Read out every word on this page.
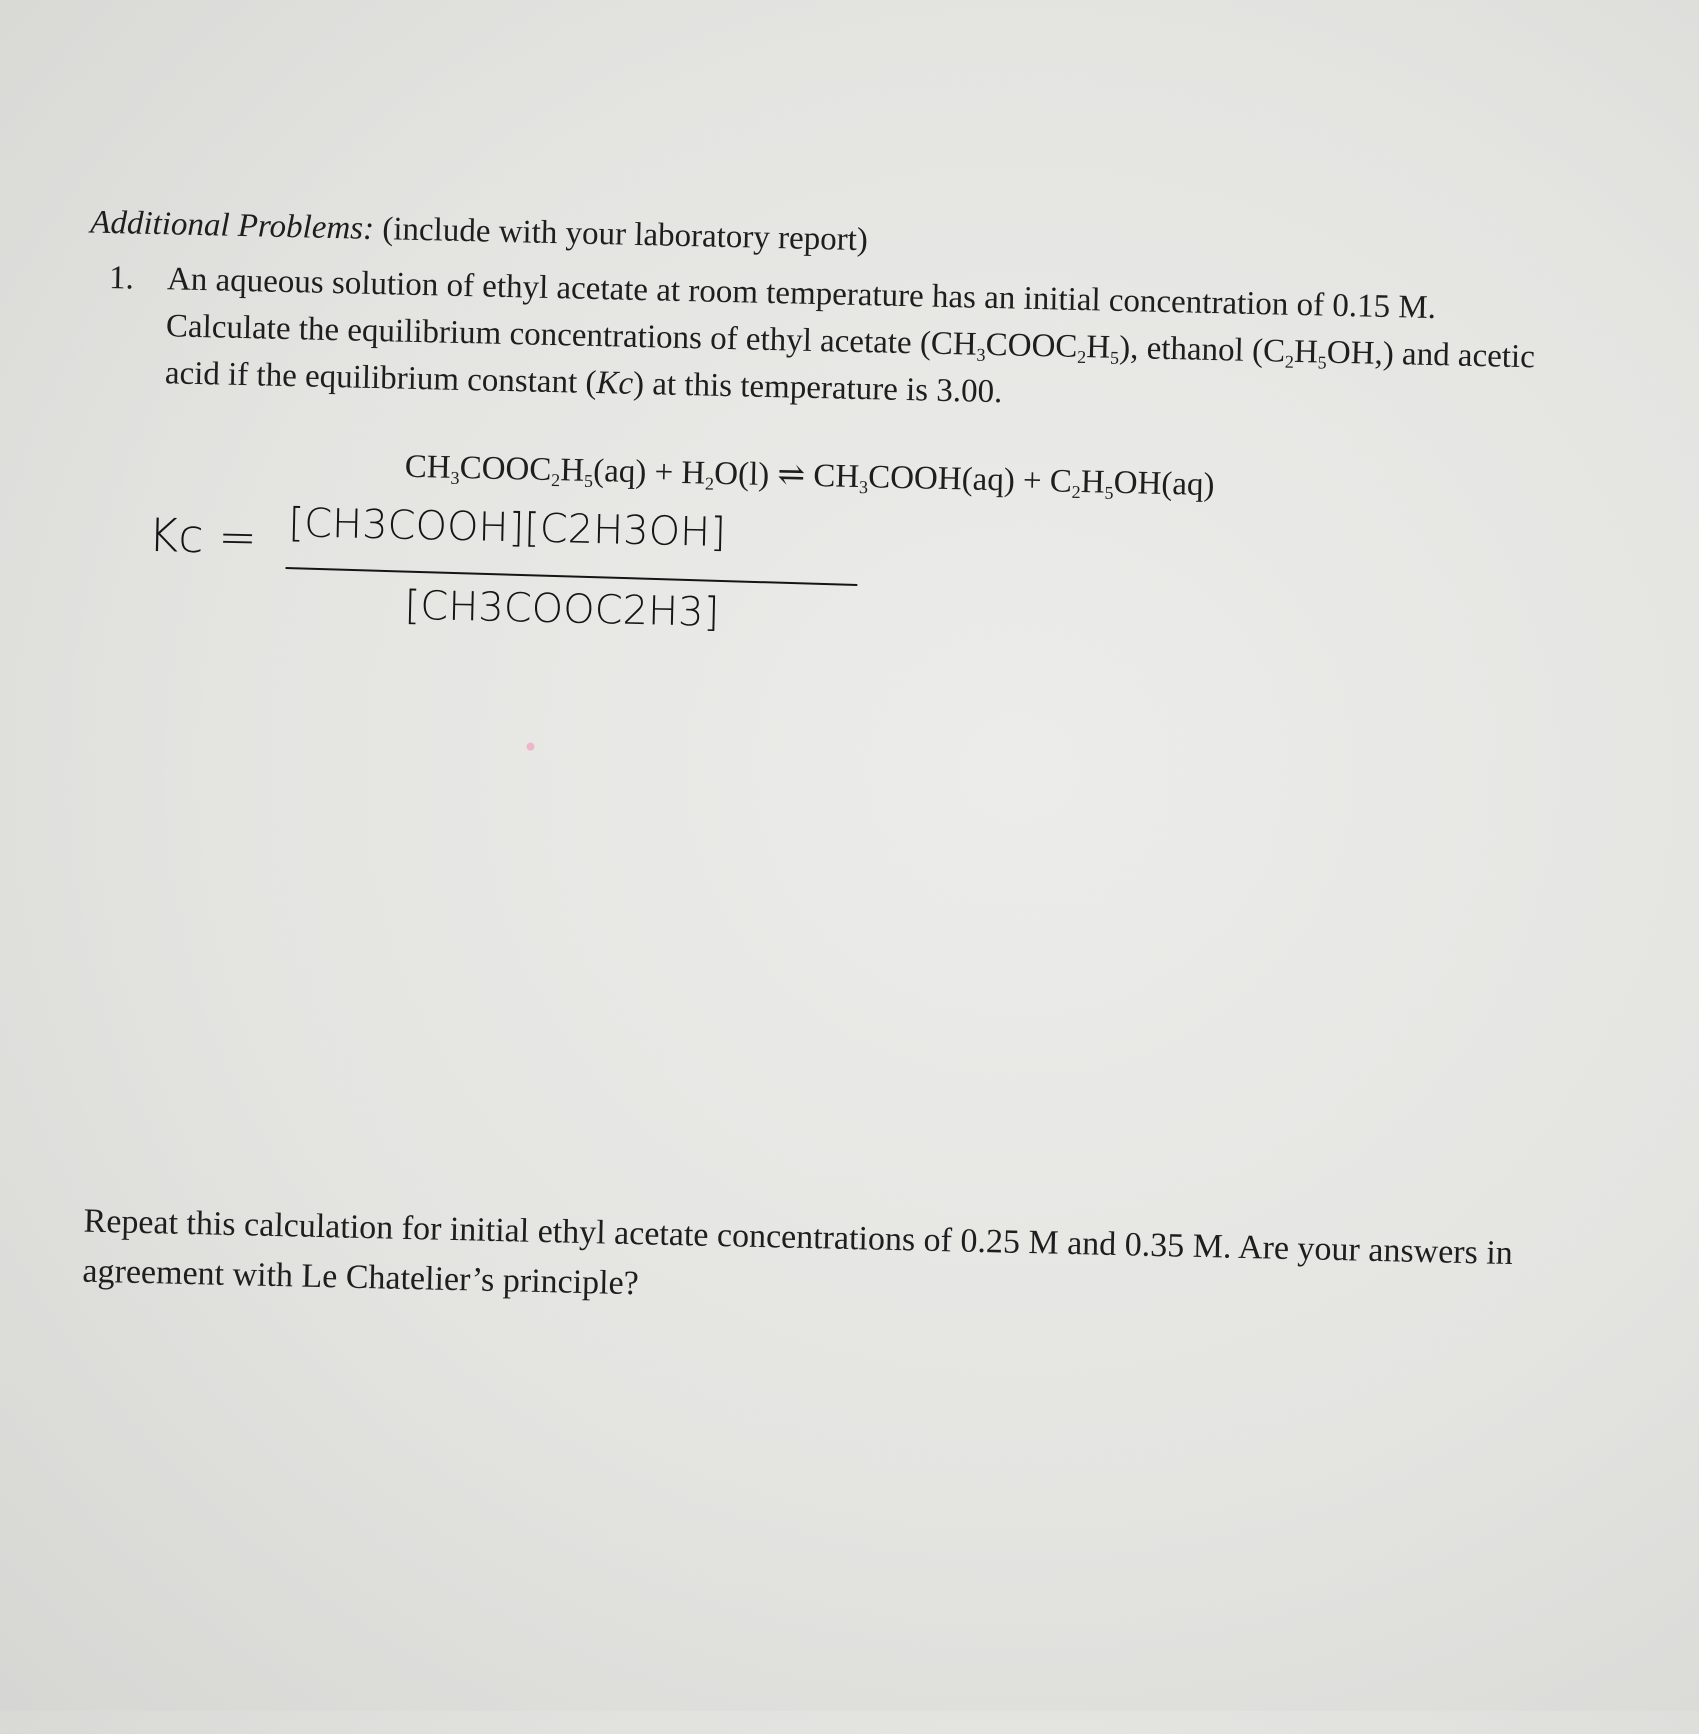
Additional Problems: (include with your laboratory report)
1. An aqueous solution of ethyl acetate at room temperature has an initial concentration of 0.15 M. Calculate the equilibrium concentrations of ethyl acetate $(CH_3COOC_2H_5)$, ethanol $(C_2H_5OH,)$ and acetic acid if the equilibrium constant (Kc) at this temperature is 3.00.
$CH_3COOC_2H_5(aq) + H_2O(l)$ ⇌ $CH_3COOH(aq) + C_2H_5OH(aq)$
Kc = [CH3COOH][C2H3OH]
[CH3COOC2H3]
Repeat this calculation for initial ethyl acetate concentrations of 0.25 M and 0.35 M. Are your answers in agreement with Le Chatelier’s principle?
